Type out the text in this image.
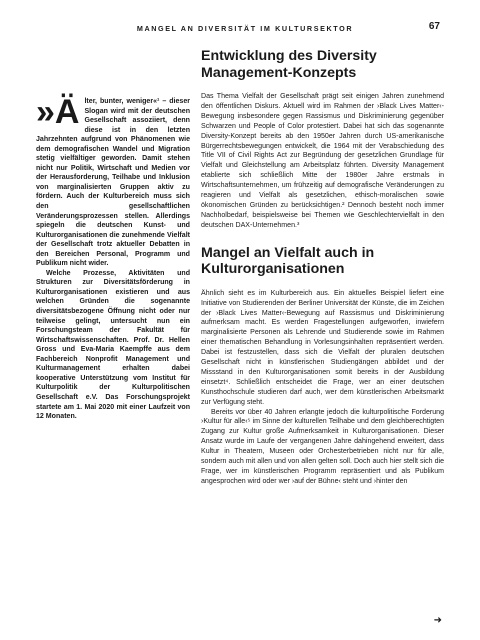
MANGEL AN DIVERSITÄT IM KULTURSEKTOR	67

»Ä lter, bunter, weniger«¹ – dieser Slogan wird mit der deutschen Gesellschaft assoziiert, denn diese ist in den letzten Jahrzehnten aufgrund von Phänomenen wie dem demografischen Wandel und Migration stetig vielfältiger geworden. Damit stehen nicht nur Politik, Wirtschaft und Medien vor der Herausforderung, Teilhabe und Inklusion von marginalisierten Gruppen aktiv zu fördern. Auch der Kulturbereich muss sich den gesellschaftlichen Veränderungsprozessen stellen. Allerdings spiegeln die deutschen Kunst- und Kulturorganisationen die zunehmende Vielfalt der Gesellschaft trotz aktueller Debatten in den Bereichen Personal, Programm und Publikum nicht wider.

Welche Prozesse, Aktivitäten und Strukturen zur Diversitätsförderung in Kulturorganisationen existieren und aus welchen Gründen die sogenannte diversitätsbezogene Öffnung nicht oder nur teilweise gelingt, untersucht nun ein Forschungsteam der Fakultät für Wirtschaftswissenschaften. Prof. Dr. Hellen Gross und Eva-Maria Kaempffe aus dem Fachbereich Nonprofit Management und Kulturmanagement erhalten dabei kooperative Unterstützung vom Institut für Kulturpolitik der Kulturpolitischen Gesellschaft e.V. Das Forschungsprojekt startete am 1. Mai 2020 mit einer Laufzeit von 12 Monaten.

Entwicklung des Diversity Management-Konzepts

Das Thema Vielfalt der Gesellschaft prägt seit einigen Jahren zunehmend den öffentlichen Diskurs. Aktuell wird im Rahmen der ›Black Lives Matter‹-Bewegung insbesondere gegen Rassismus und Diskriminierung gegenüber Schwarzen und People of Color protestiert. Dabei hat sich das sogenannte Diversity-Konzept bereits ab den 1950er Jahren durch US-amerikanische Bürgerrechtsbewegungen entwickelt, die 1964 mit der Verabschiedung des Title VII of Civil Rights Act zur Begründung der gesetzlichen Grundlage für Vielfalt und Gleichstellung am Arbeitsplatz führten. Diversity Management etablierte sich schließlich Mitte der 1980er Jahre erstmals in Wirtschaftsunternehmen, um frühzeitig auf demografische Veränderungen zu reagieren und Vielfalt als gesetzlichen, ethisch-moralischen sowie ökonomischen Gründen zu berücksichtigen.² Dennoch besteht noch immer Nachholbedarf, beispielsweise bei Themen wie Geschlechtervielfalt in den deutschen DAX-Unternehmen.³

Mangel an Vielfalt auch in Kulturorganisationen

Ähnlich sieht es im Kulturbereich aus. Ein aktuelles Beispiel liefert eine Initiative von Studierenden der Berliner Universität der Künste, die im Zeichen der ›Black Lives Matter‹-Bewegung auf Rassismus und Diskriminierung aufmerksam macht. Es werden Fragestellungen aufgeworfen, inwiefern marginalisierte Personen als Lehrende und Studierende sowie im Rahmen einer thematischen Behandlung in Vorlesungsinhalten repräsentiert werden. Dabei ist festzustellen, dass sich die Vielfalt der pluralen deutschen Gesellschaft nicht in künstlerischen Studiengängen abbildet und der Missstand in den Kulturorganisationen somit bereits in der Ausbildung einsetzt⁴. Schließlich entscheidet die Frage, wer an einer deutschen Kunsthochschule studieren darf auch, wer dem künstlerischen Arbeitsmarkt zur Verfügung steht.

Bereits vor über 40 Jahren erlangte jedoch die kulturpolitische Forderung ›Kultur für alle‹⁵ im Sinne der kulturellen Teilhabe und dem gleichberechtigten Zugang zur Kultur große Aufmerksamkeit in Kulturorganisationen. Dieser Ansatz wurde im Laufe der vergangenen Jahre dahingehend erweitert, dass Kultur in Theatern, Museen oder Orchesterbetrieben nicht nur für alle, sondern auch mit allen und von allen gelten soll. Doch auch hier stellt sich die Frage, wer im künstlerischen Programm repräsentiert und als Publikum angesprochen wird oder wer ›auf der Bühne‹ steht und ›hinter den

➜
